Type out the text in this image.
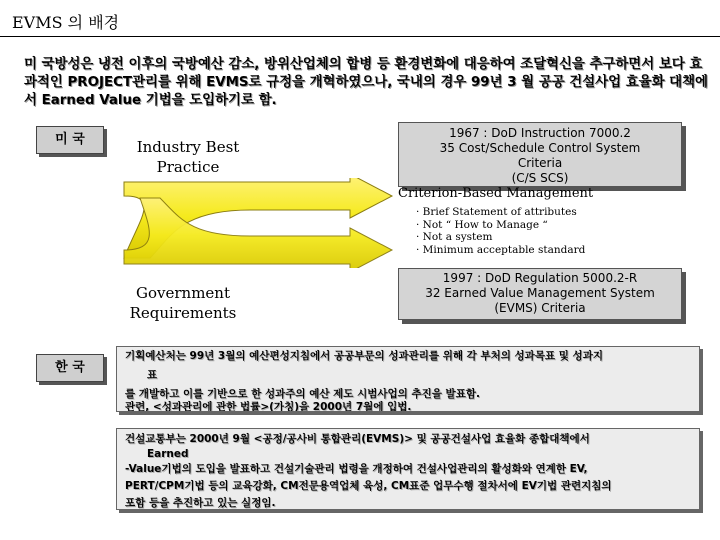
EVMS 의 배경
미 국방성은 냉전 이후의 국방예산 감소, 방위산업체의 합병 등 환경변화에 대응하여 조달혁신을 추구하면서 보다 효과적인 PROJECT관리를 위해 EVMS로 규정을 개혁하였으나, 국내의 경우 99년 3 월 공공 건설사업 효율화 대책에서 Earned Value 기법을 도입하기로 함.
미 국	Industry Best Practice
Government Requirements
1967 : DoD Instruction 7000.2
35 Cost/Schedule Control System
Criteria
(C/S SCS)
Criterion-Based Management
· Brief Statement of attributes
· Not “ How to Manage “
· Not a system
· Minimum acceptable standard
1997 : DoD Regulation 5000.2-R
32 Earned Value Management System
(EVMS) Criteria
한 국
기획예산처는 99년 3월의 예산편성지침에서 공공부문의 성과관리를 위해 각 부처의 성과목표 및 성과지
표
를 개발하고 이를 기반으로 한 성과주의 예산 제도 시범사업의 추진을 발표함.
관련, <성과관리에 관한 법률>(가칭)을 2000년 7월에 입법.
건설교통부는 2000년 9월 <공정/공사비 통합관리(EVMS)> 및 공공건설사업 효율화 종합대책에서
Earned
-Value기법의 도입을 발표하고 건설기술관리 법령을 개정하여 건설사업관리의 활성화와 연계한 EV,
PERT/CPM기법 등의 교육강화, CM전문용역업체 육성, CM표준 업무수행 절차서에 EV기법 관련지침의
포함 등을 추진하고 있는 실정임.
